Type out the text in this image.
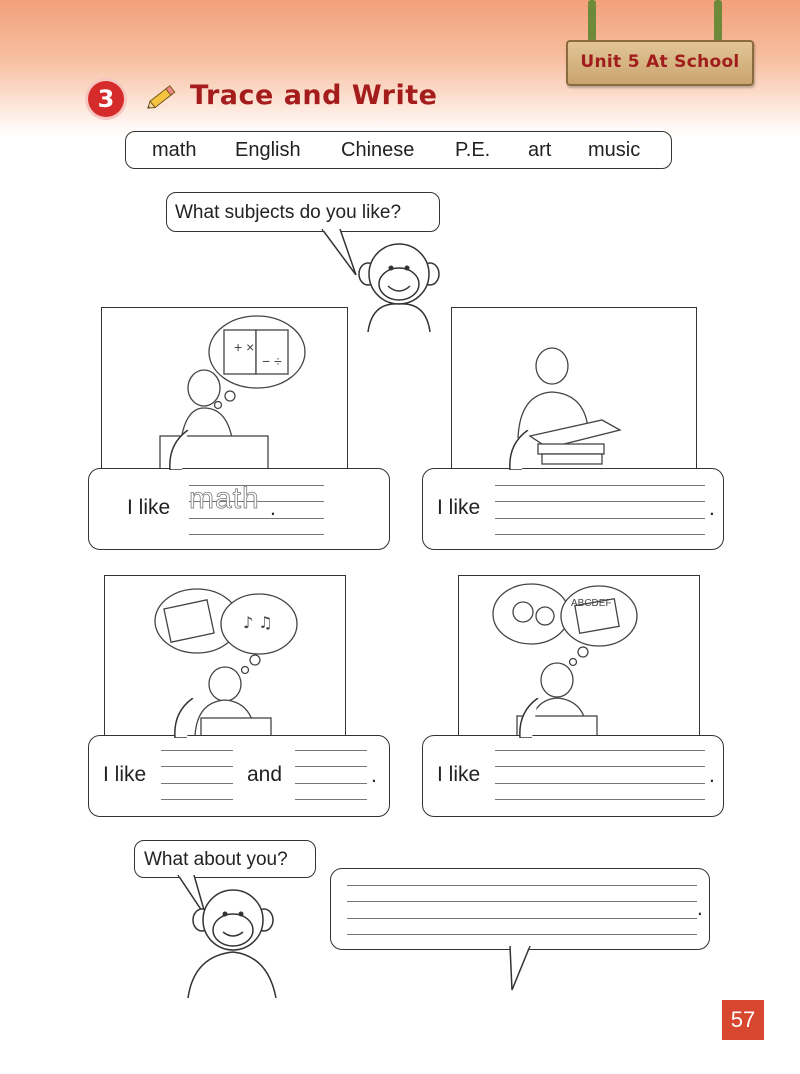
Unit 5 At School
3	Trace and Write
math English Chinese P.E. art music
What subjects do you like?
+ ×
− ÷
I like math .	I like	.
♪ ♫
I like	and	.
ABCDEF
I like	.
What about you?
.
57
